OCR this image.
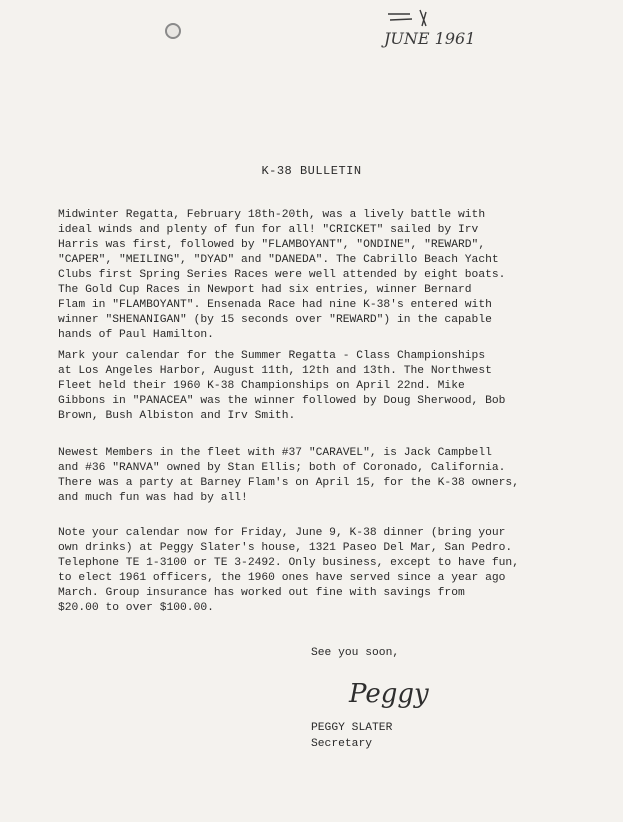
JUNE 1961
K-38 BULLETIN

Midwinter Regatta, February 18th-20th, was a lively battle with
ideal winds and plenty of fun for all! "CRICKET" sailed by Irv
Harris was first, followed by "FLAMBOYANT", "ONDINE", "REWARD",
"CAPER", "MEILING", "DYAD" and "DANEDA". The Cabrillo Beach Yacht
Clubs first Spring Series Races were well attended by eight boats.
The Gold Cup Races in Newport had six entries, winner Bernard
Flam in "FLAMBOYANT". Ensenada Race had nine K-38's entered with
winner "SHENANIGAN" (by 15 seconds over "REWARD") in the capable
hands of Paul Hamilton.

Mark your calendar for the Summer Regatta - Class Championships
at Los Angeles Harbor, August 11th, 12th and 13th. The Northwest
Fleet held their 1960 K-38 Championships on April 22nd. Mike
Gibbons in "PANACEA" was the winner followed by Doug Sherwood, Bob
Brown, Bush Albiston and Irv Smith.

Newest Members in the fleet with #37 "CARAVEL", is Jack Campbell
and #36 "RANVA" owned by Stan Ellis; both of Coronado, California.
There was a party at Barney Flam's on April 15, for the K-38 owners,
and much fun was had by all!

Note your calendar now for Friday, June 9, K-38 dinner (bring your
own drinks) at Peggy Slater's house, 1321 Paseo Del Mar, San Pedro.
Telephone TE 1-3100 or TE 3-2492. Only business, except to have fun,
to elect 1961 officers, the 1960 ones have served since a year ago
March. Group insurance has worked out fine with savings from
$20.00 to over $100.00.

See you soon,
Peggy
PEGGY SLATER
Secretary
